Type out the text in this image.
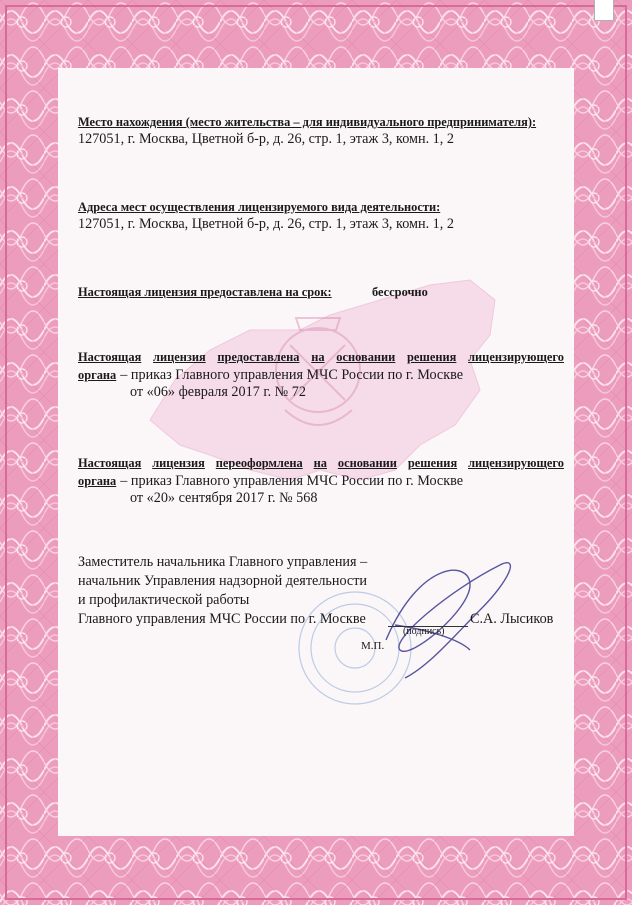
Место нахождения (место жительства – для индивидуального предпринимателя):
127051, г. Москва, Цветной б-р, д. 26, стр. 1, этаж 3, комн. 1, 2
Адреса мест осуществления лицензируемого вида деятельности:
127051, г. Москва, Цветной б-р, д. 26, стр. 1, этаж 3, комн. 1, 2
Настоящая лицензия предоставлена на срок:	бессрочно
Настоящая лицензия предоставлена на основании решения лицензирующего
органа – приказ Главного управления МЧС России по г. Москве
от «06» февраля 2017 г. № 72
Настоящая лицензия переоформлена на основании решения лицензирующего
органа – приказ Главного управления МЧС России по г. Москве
от «20» сентября 2017 г. № 568
Заместитель начальника Главного управления –
начальник Управления надзорной деятельности
и профилактической работы
Главного управления МЧС России по г. Москве	С.А. Лысиков
(подпись)
М.П.
